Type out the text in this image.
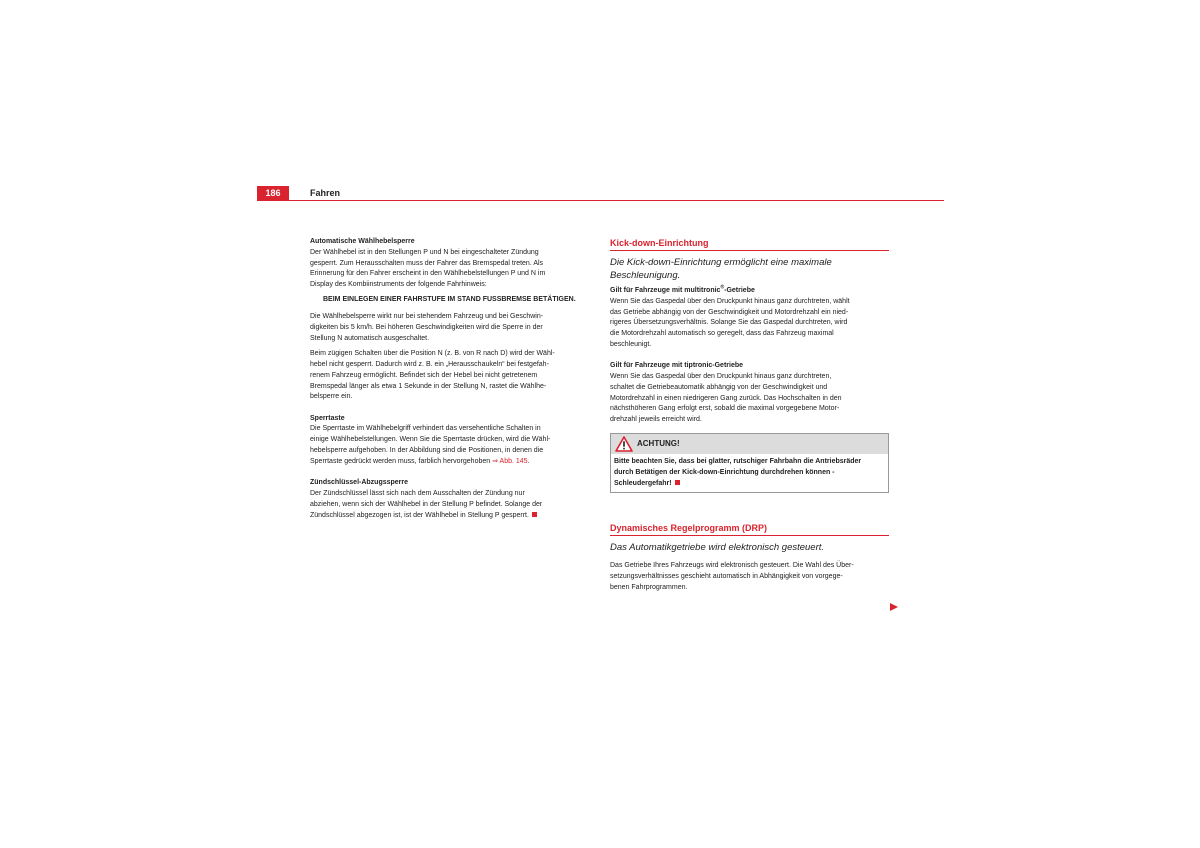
186	Fahren

Automatische Wählhebelsperre

Der Wählhebel ist in den Stellungen P und N bei eingeschalteter Zündung
gesperrt. Zum Herausschalten muss der Fahrer das Bremspedal treten. Als
Erinnerung für den Fahrer erscheint in den Wählhebelstellungen P und N im
Display des Kombiinstruments der folgende Fahrhinweis:

BEIM EINLEGEN EINER FAHRSTUFE IM STAND FUSSBREMSE BETÄTIGEN.

Die Wählhebelsperre wirkt nur bei stehendem Fahrzeug und bei Geschwin-
digkeiten bis 5 km/h. Bei höheren Geschwindigkeiten wird die Sperre in der
Stellung N automatisch ausgeschaltet.

Beim zügigen Schalten über die Position N (z. B. von R nach D) wird der Wähl-
hebel nicht gesperrt. Dadurch wird z. B. ein „Herausschaukeln“ bei festgefah-
renem Fahrzeug ermöglicht. Befindet sich der Hebel bei nicht getretenem
Bremspedal länger als etwa 1 Sekunde in der Stellung N, rastet die Wählhe-
belsperre ein.

Sperrtaste

Die Sperrtaste im Wählhebelgriff verhindert das versehentliche Schalten in
einige Wählhebelstellungen. Wenn Sie die Sperrtaste drücken, wird die Wähl-
hebelsperre aufgehoben. In der Abbildung sind die Positionen, in denen die
Sperrtaste gedrückt werden muss, farblich hervorgehoben ⇒ Abb. 145.

Zündschlüssel-Abzugssperre

Der Zündschlüssel lässt sich nach dem Ausschalten der Zündung nur
abziehen, wenn sich der Wählhebel in der Stellung P befindet. Solange der
Zündschlüssel abgezogen ist, ist der Wählhebel in Stellung P gesperrt.

Kick-down-Einrichtung

Die Kick-down-Einrichtung ermöglicht eine maximale
Beschleunigung.

Gilt für Fahrzeuge mit multitronic®-Getriebe

Wenn Sie das Gaspedal über den Druckpunkt hinaus ganz durchtreten, wählt
das Getriebe abhängig von der Geschwindigkeit und Motordrehzahl ein nied-
rigeres Übersetzungsverhältnis. Solange Sie das Gaspedal durchtreten, wird
die Motordrehzahl automatisch so geregelt, dass das Fahrzeug maximal
beschleunigt.

Gilt für Fahrzeuge mit tiptronic-Getriebe

Wenn Sie das Gaspedal über den Druckpunkt hinaus ganz durchtreten,
schaltet die Getriebeautomatik abhängig von der Geschwindigkeit und
Motordrehzahl in einen niedrigeren Gang zurück. Das Hochschalten in den
nächsthöheren Gang erfolgt erst, sobald die maximal vorgegebene Motor-
drehzahl jeweils erreicht wird.

ACHTUNG!
Bitte beachten Sie, dass bei glatter, rutschiger Fahrbahn die Antriebsräder
durch Betätigen der Kick-down-Einrichtung durchdrehen können -
Schleudergefahr!
Dynamisches Regelprogramm (DRP)

Das Automatikgetriebe wird elektronisch gesteuert.

Das Getriebe Ihres Fahrzeugs wird elektronisch gesteuert. Die Wahl des Über-
setzungsverhältnisses geschieht automatisch in Abhängigkeit von vorgege-
benen Fahrprogrammen.
